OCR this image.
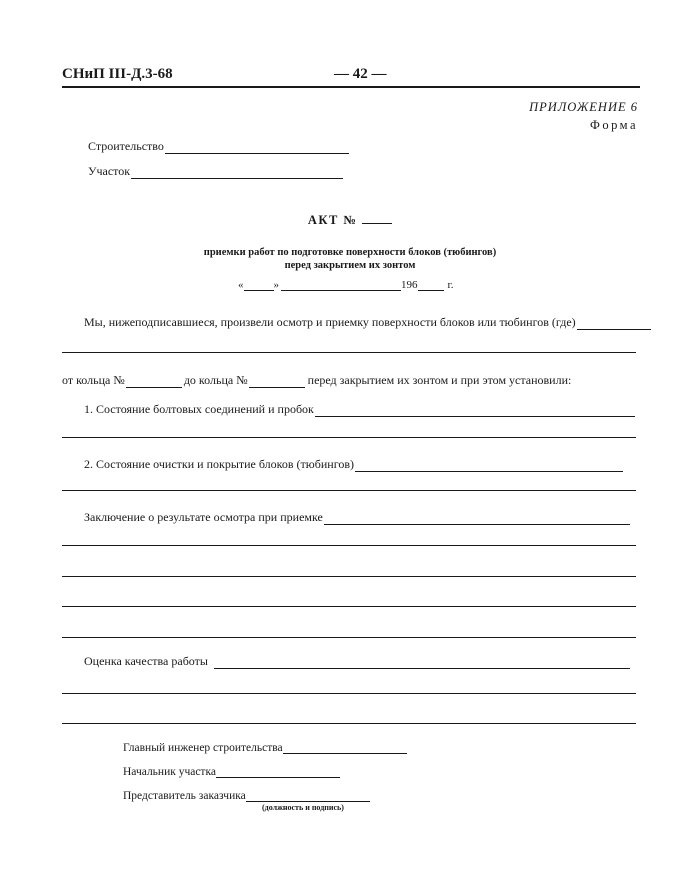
СНиП III-Д.3-68	— 42 —
ПРИЛОЖЕНИЕ 6
Форма
Строительство
Участок
АКТ №
приемки работ по подготовке поверхности блоков (тюбингов)
перед закрытием их зонтом
«	»	196	г.
Мы, нижеподписавшиеся, произвели осмотр и приемку поверхности блоков или тюбингов (где)
от кольца №	до кольца №	перед закрытием их зонтом и при этом установили:
1. Состояние болтовых соединений и пробок
2. Состояние очистки и покрытие блоков (тюбингов)
Заключение о результате осмотра при приемке
Оценка качества работы
Главный инженер строительства
Начальник участка
Представитель заказчика
(должность и подпись)
